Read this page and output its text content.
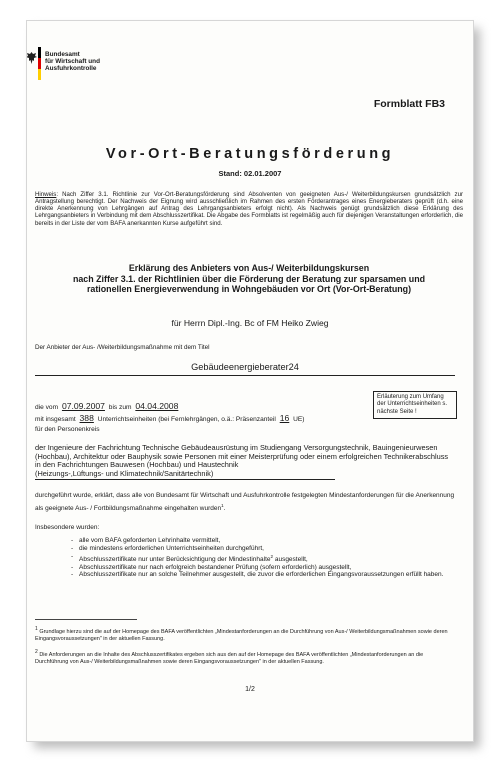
Bundesamt
für Wirtschaft und
Ausfuhrkontrolle
Formblatt FB3
Vor-Ort-Beratungsförderung
Stand: 02.01.2007
Hinweis: Nach Ziffer 3.1. Richtlinie zur Vor-Ort-Beratungsförderung sind Absolventen von geeigneten Aus-/ Weiterbildungskursen grundsätzlich zur Antragstellung berechtigt. Der Nachweis der Eignung wird ausschließlich im Rahmen des ersten Förderantrages eines Energieberaters geprüft (d.h. eine direkte Anerkennung von Lehrgängen auf Antrag des Lehrgangsanbieters erfolgt nicht). Als Nachweis genügt grundsätzlich diese Erklärung des Lehrgangsanbieters in Verbindung mit dem Abschlusszertifikat. Die Abgabe des Formblatts ist regelmäßig auch für diejenigen Veranstaltungen erforderlich, die bereits in der Liste der vom BAFA anerkannten Kurse aufgeführt sind.
Erklärung des Anbieters von Aus-/ Weiterbildungskursen
nach Ziffer 3.1. der Richtlinien über die Förderung der Beratung zur sparsamen und
rationellen Energieverwendung in Wohngebäuden vor Ort (Vor-Ort-Beratung)
für Herrn Dipl.-Ing. Bc of FM Heiko Zwieg
Der Anbieter der Aus- /Weiterbildungsmaßnahme mit dem Titel
Gebäudeenergieberater24
die vom 07.09.2007 bis zum 04.04.2008
mit insgesamt 388 Unterrichtseinheiten (bei Fernlehrgängen, o.ä.: Präsenzanteil 16 UE)
für den Personenkreis
Erläuterung zum Umfang der Unterrichtseinheiten s. nächste Seite !
der Ingenieure der Fachrichtung Technische Gebäudeausrüstung im Studiengang Versorgungstechnik, Bauingenieurwesen (Hochbau), Architektur oder Bauphysik sowie Personen mit einer Meisterprüfung oder einem erfolgreichen Technikerabschluss in den Fachrichtungen Bauwesen (Hochbau) und Haustechnik
(Heizungs-,Lüftungs- und Klimatechnik/Sanitärtechnik)
durchgeführt wurde, erklärt, dass alle von Bundesamt für Wirtschaft und Ausfuhrkontrolle festgelegten Mindestanforderungen für die Anerkennung als geeignete Aus- / Fortbildungsmaßnahme eingehalten wurden$^1$.
Insbesondere wurden:
- alle vom BAFA geforderten Lehrinhalte vermittelt,
- die mindestens erforderlichen Unterrichtseinheiten durchgeführt,
- Abschlusszertifikate nur unter Berücksichtigung der Mindestinhalte$^2$ ausgestellt,
- Abschlusszertifikate nur nach erfolgreich bestandener Prüfung (sofern erforderlich) ausgestellt,
- Abschlusszertifikate nur an solche Teilnehmer ausgestellt, die zuvor die erforderlichen Eingangsvoraussetzungen erfüllt haben.
$^1$ Grundlage hierzu sind die auf der Homepage des BAFA veröffentlichten „Mindestanforderungen an die Durchführung von Aus-/ Weiterbildungsmaßnahmen sowie deren Eingangsvoraussetzungen" in der aktuellen Fassung.
$^2$ Die Anforderungen an die Inhalte des Abschlusszertifikates ergeben sich aus den auf der Homepage des BAFA veröffentlichten „Mindestanforderungen an die Durchführung von Aus-/ Weiterbildungsmaßnahmen sowie deren Eingangsvoraussetzungen" in der aktuellen Fassung.
1/2
